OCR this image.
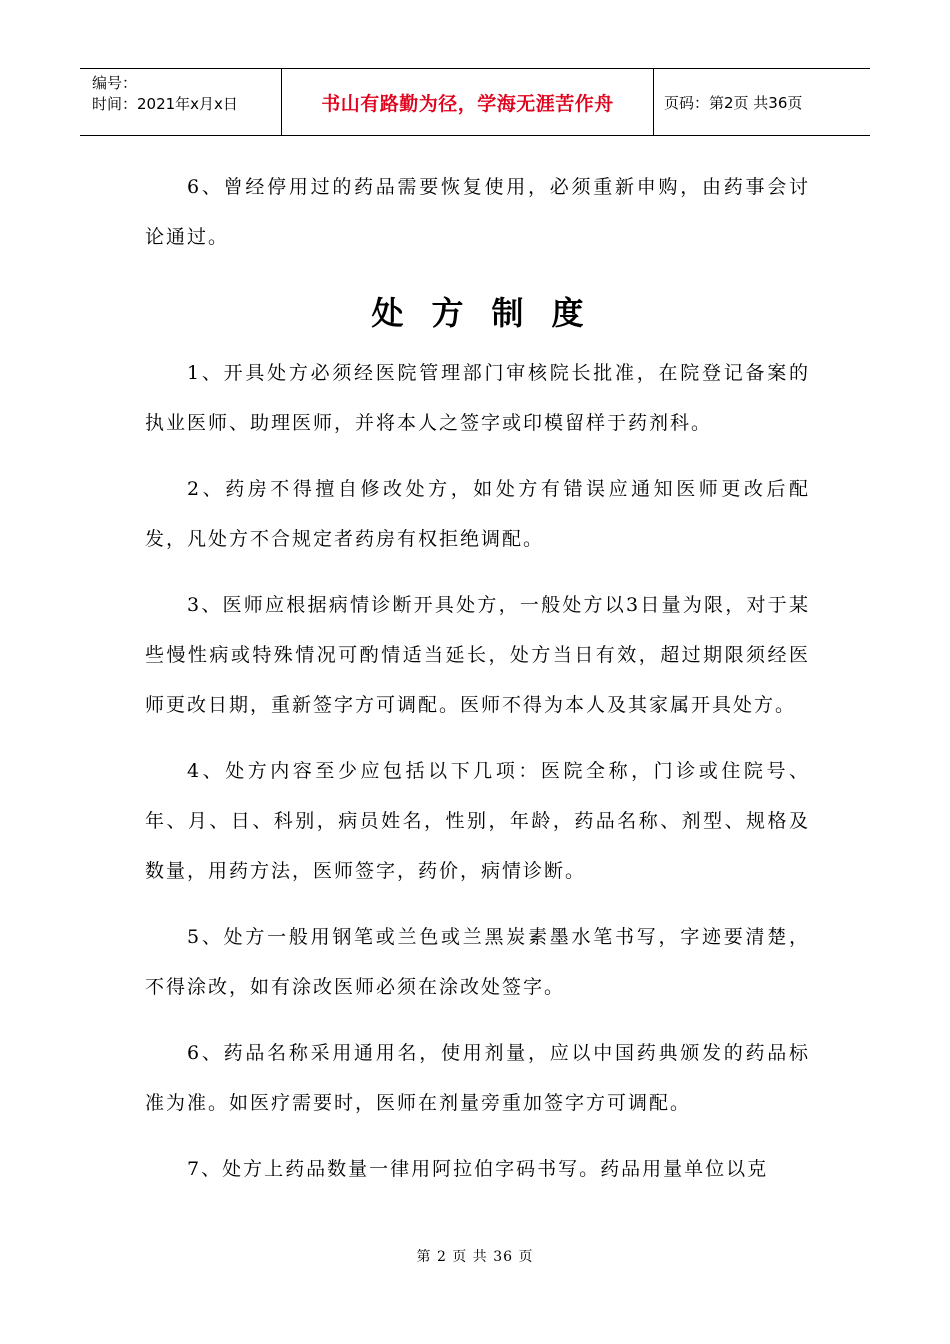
编号：
时间：2021年x月x日	书山有路勤为径，学海无涯苦作舟	页码：第2页 共36页

6、曾经停用过的药品需要恢复使用，必须重新申购，由药事会讨论通过。

处方制度

1、开具处方必须经医院管理部门审核院长批准，在院登记备案的执业医师、助理医师，并将本人之签字或印模留样于药剂科。

2、药房不得擅自修改处方，如处方有错误应通知医师更改后配发，凡处方不合规定者药房有权拒绝调配。

3、医师应根据病情诊断开具处方，一般处方以3日量为限，对于某些慢性病或特殊情况可酌情适当延长，处方当日有效，超过期限须经医师更改日期，重新签字方可调配。医师不得为本人及其家属开具处方。

4、处方内容至少应包括以下几项：医院全称，门诊或住院号、年、月、日、科别，病员姓名，性别，年龄，药品名称、剂型、规格及数量，用药方法，医师签字，药价，病情诊断。

5、处方一般用钢笔或兰色或兰黑炭素墨水笔书写，字迹要清楚，不得涂改，如有涂改医师必须在涂改处签字。

6、药品名称采用通用名，使用剂量，应以中国药典颁发的药品标准为准。如医疗需要时，医师在剂量旁重加签字方可调配。

7、处方上药品数量一律用阿拉伯字码书写。药品用量单位以克

第 2 页 共 36 页
